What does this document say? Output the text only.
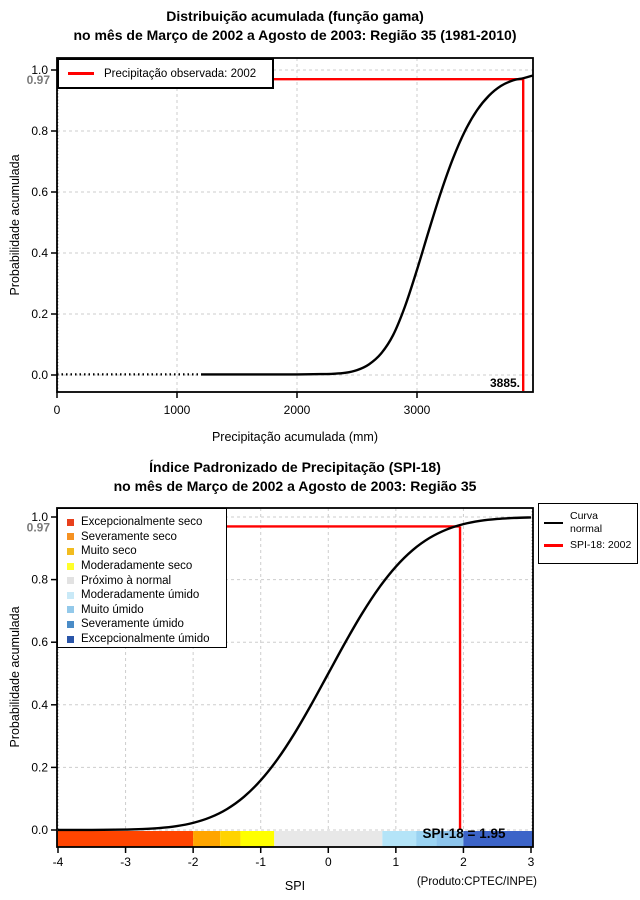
0	1000	2000	3000
0.0
0.2
0.4
0.6
0.8
1.0
0.97
-4	-3	-2	-1	0	1	2	3
0.0
0.2
0.4
0.6
0.8
1.0
0.97
Distribuição acumulada (função gama)
no mês de Março de 2002 a Agosto de 2003: Região 35 (1981-2010)
Probabilidade acumulada
Precipitação acumulada (mm)
3885.
Precipitação observada: 2002
Índice Padronizado de Precipitação (SPI-18)
no mês de Março de 2002 a Agosto de 2003: Região 35
Probabilidade acumulada
SPI	(Produto:CPTEC/INPE)
SPI-18 = 1.95
Excepcionalmente seco
Severamente seco
Muito seco
Moderadamente seco
Próximo à normal
Moderadamente úmido
Muito úmido
Severamente úmido
Excepcionalmente úmido
Curva
normal
SPI-18: 2002
